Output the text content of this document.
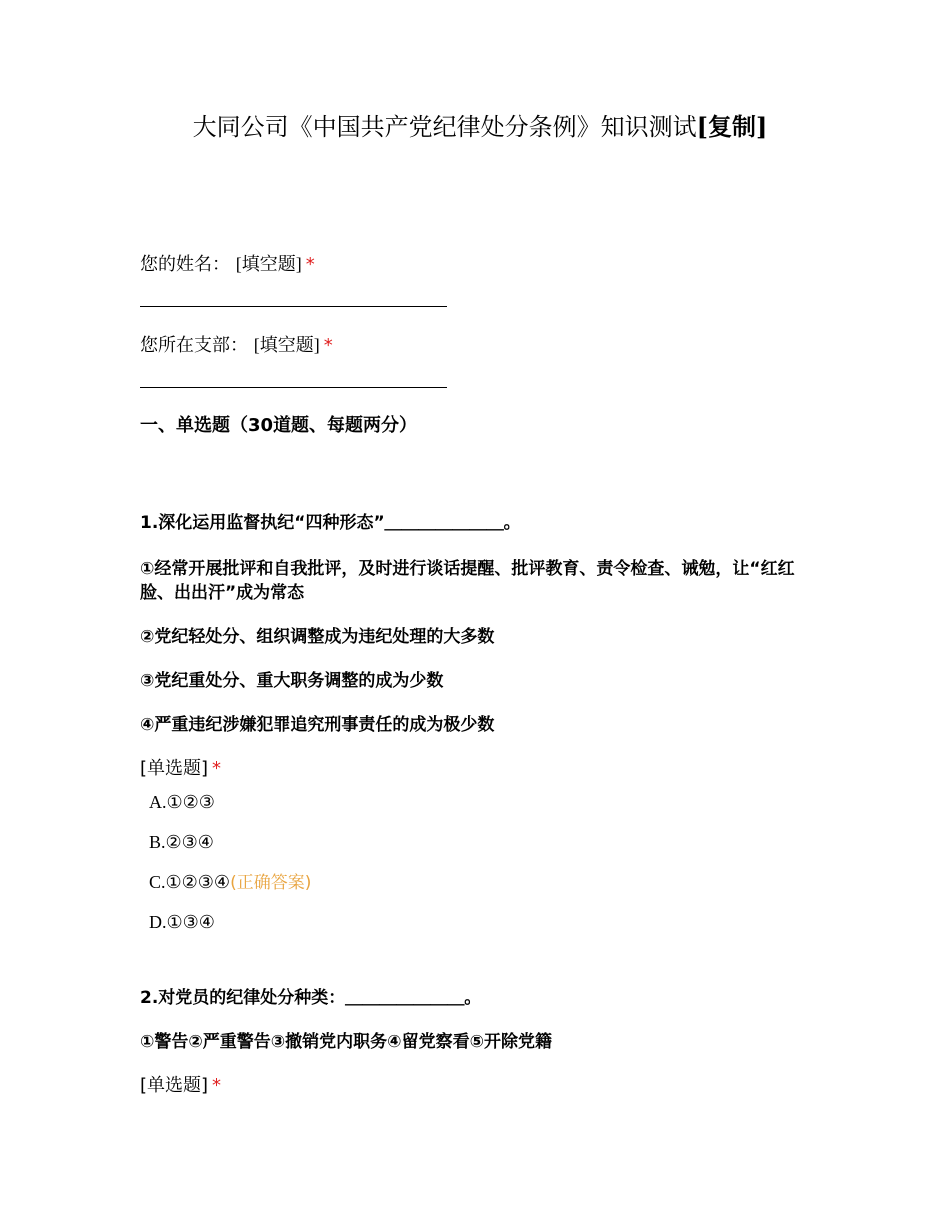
大同公司《中国共产党纪律处分条例》知识测试[复制]
您的姓名： [填空题] *
您所在支部： [填空题] *
一、单选题（30道题、每题两分）
1.深化运用监督执纪“四种形态”＿＿＿＿＿＿＿。
①经常开展批评和自我批评，及时进行谈话提醒、批评教育、责令检查、诫勉，让“红红脸、出出汗”成为常态
②党纪轻处分、组织调整成为违纪处理的大多数
③党纪重处分、重大职务调整的成为少数
④严重违纪涉嫌犯罪追究刑事责任的成为极少数
[单选题] *
A.①②③
B.②③④
C.①②③④(正确答案)
D.①③④
2.对党员的纪律处分种类：＿＿＿＿＿＿＿。
①警告②严重警告③撤销党内职务④留党察看⑤开除党籍
[单选题] *
